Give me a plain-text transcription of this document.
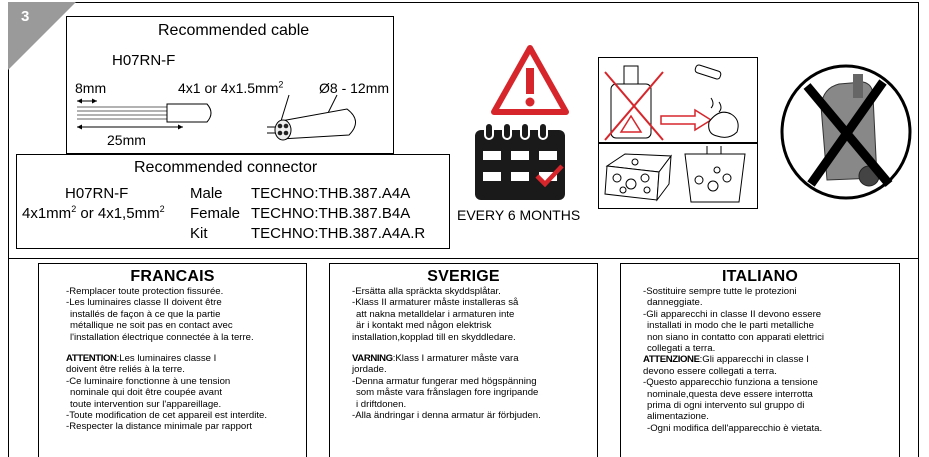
3
Recommended cable
H07RN-F
8mm	4x1 or $4x1.5mm^2$	Ø8 - 12mm
25mm
Recommended connector
H07RN-F
$4x1mm^2$ or $4x1,5mm^2$
Male TECHNO:THB.387.A4A
Female TECHNO:THB.387.B4A
Kit	TECHNO:THB.387.A4A.R
EVERY 6 MONTHS
FRANCAIS

-Remplacer toute protection fissurée.

-Les luminaires classe II doivent être

installés de façon à ce que la partie

métallique ne soit pas en contact avec

l'installation électrique connectée à la terre.

ATTENTION:Les luminaires classe I

doivent être reliés à la terre.

-Ce luminaire fonctionne à une tension

nominale qui doit être coupée avant

toute intervention sur l'appareillage.

-Toute modification de cet appareil est interdite.

-Respecter la distance minimale par rapport

SVERIGE

-Ersätta alla spräckta skyddsplåtar.

-Klass II armaturer måste installeras så

att nakna metalldelar i armaturen inte

är i kontakt med någon elektrisk

installation,kopplad till en skyddledare.

VARNING:Klass I armaturer måste vara

jordade.

-Denna armatur fungerar med högspänning

som måste vara frånslagen fore ingripande

i driftdonen.

-Alla ändringar i denna armatur är förbjuden.

ITALIANO

-Sostituire sempre tutte le protezioni

danneggiate.

-Gli apparecchi in classe II devono essere

installati in modo che le parti metalliche

non siano in contatto con apparati elettrici

collegati a terra.

ATTENZIONE:Gli apparecchi in classe I

devono essere collegati a terra.

-Questo apparecchio funziona a tensione

nominale,questa deve essere interrotta

prima di ogni intervento sul gruppo di

alimentazione.

-Ogni modifica dell'apparecchio è vietata.
